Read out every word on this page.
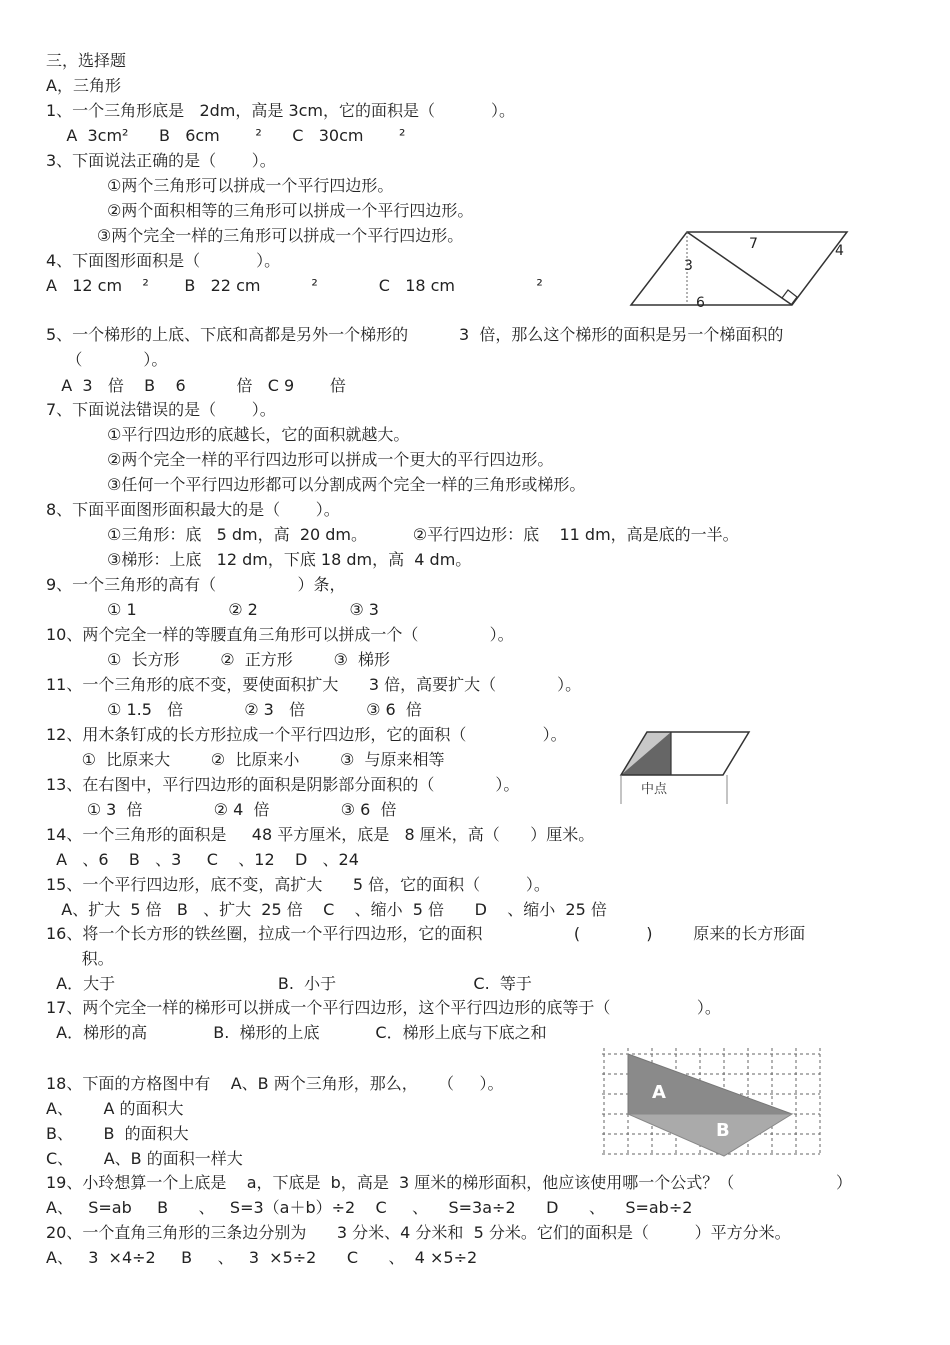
三，选择题
A，三角形
1、一个三角形底是   2dm，高是 3cm，它的面积是（           ）。
A  3cm²      B   6cm       ²      C   30cm       ²
3、下面说法正确的是（       ）。
①两个三角形可以拼成一个平行四边形。
②两个面积相等的三角形可以拼成一个平行四边形。
③两个完全一样的三角形可以拼成一个平行四边形。
4、下面图形面积是（           ）。
A   12 cm    ²       B   22 cm          ²            C   18 cm                ²
5、一个梯形的上底、下底和高都是另外一个梯形的          3  倍，那么这个梯形的面积是另一个梯面积的
（            ）。
A  3   倍    B    6          倍   C 9       倍
7、下面说法错误的是（       ）。
①平行四边形的底越长，它的面积就越大。
②两个完全一样的平行四边形可以拼成一个更大的平行四边形。
③任何一个平行四边形都可以分割成两个完全一样的三角形或梯形。
8、下面平面图形面积最大的是（       ）。
①三角形：底   5 dm，高  20 dm。         ②平行四边形：底    11 dm，高是底的一半。
③梯形：上底   12 dm，下底 18 dm，高  4 dm。
9、一个三角形的高有（                ）条，
① 1                  ② 2                  ③ 3
10、两个完全一样的等腰直角三角形可以拼成一个（              ）。
①  长方形        ②  正方形        ③  梯形
11、一个三角形的底不变，要使面积扩大      3 倍，高要扩大（            ）。
① 1.5   倍            ② 3   倍            ③ 6  倍
12、用木条钉成的长方形拉成一个平行四边形，它的面积（               ）。
①  比原来大        ②  比原来小        ③  与原来相等
13、在右图中，平行四边形的面积是阴影部分面积的（            ）。
① 3  倍              ② 4  倍              ③ 6  倍
14、一个三角形的面积是     48 平方厘米，底是   8 厘米，高（      ）厘米。
A   、6    B   、3     C    、12    D   、24
15、一个平行四边形，底不变，高扩大      5 倍，它的面积（         ）。
A、扩大  5 倍   B   、扩大  25 倍    C    、缩小  5 倍      D    、缩小  25 倍
16、将一个长方形的铁丝圈，拉成一个平行四边形，它的面积                  (             )        原来的长方形面
积。
A．大于                                B.  小于                           C.  等于
17、两个完全一样的梯形可以拼成一个平行四边形，这个平行四边形的底等于（                 ）。
A．梯形的高             B.  梯形的上底           C．梯形上底与下底之和
18、下面的方格图中有    A、B 两个三角形，那么，    （     ）。
A、      A 的面积大
B、      B  的面积大
C、      A、B 的面积一样大
19、小玲想算一个上底是    a，下底是  b，高是  3 厘米的梯形面积，他应该使用哪一个公式？（                    ）
A、   S=ab     B      、   S=3（a＋b）÷2    C     、    S=3a÷2      D      、    S=ab÷2
20、一个直角三角形的三条边分别为      3 分米、4 分米和  5 分米。它们的面积是（         ）平方分米。
A、   3  ×4÷2     B     、   3  ×5÷2      C      、  4 ×5÷2
7	4
3
6
中点
A
B
